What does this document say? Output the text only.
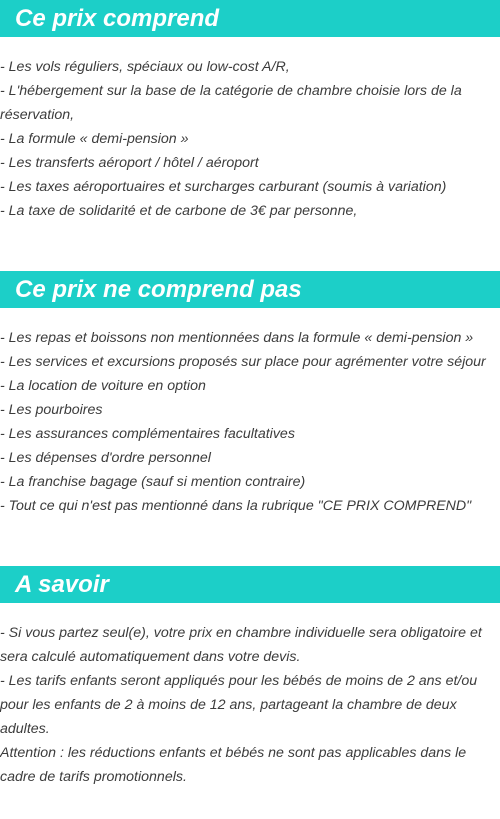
Ce prix comprend
- Les vols réguliers, spéciaux ou low-cost A/R,
- L'hébergement sur la base de la catégorie de chambre choisie lors de la réservation,
- La formule « demi-pension »
- Les transferts aéroport / hôtel / aéroport
- Les taxes aéroportuaires et surcharges carburant (soumis à variation)
- La taxe de solidarité et de carbone de 3€ par personne,
Ce prix ne comprend pas
- Les repas et boissons non mentionnées dans la formule « demi-pension »
- Les services et excursions proposés sur place pour agrémenter votre séjour
- La location de voiture en option
- Les pourboires
- Les assurances complémentaires facultatives
- Les dépenses d'ordre personnel
- La franchise bagage (sauf si mention contraire)
- Tout ce qui n'est pas mentionné dans la rubrique "CE PRIX COMPREND"
A savoir
- Si vous partez seul(e), votre prix en chambre individuelle sera obligatoire et sera calculé automatiquement dans votre devis.
- Les tarifs enfants seront appliqués pour les bébés de moins de 2 ans et/ou pour les enfants de 2 à moins de 12 ans, partageant la chambre de deux adultes.
Attention : les réductions enfants et bébés ne sont pas applicables dans le cadre de tarifs promotionnels.
